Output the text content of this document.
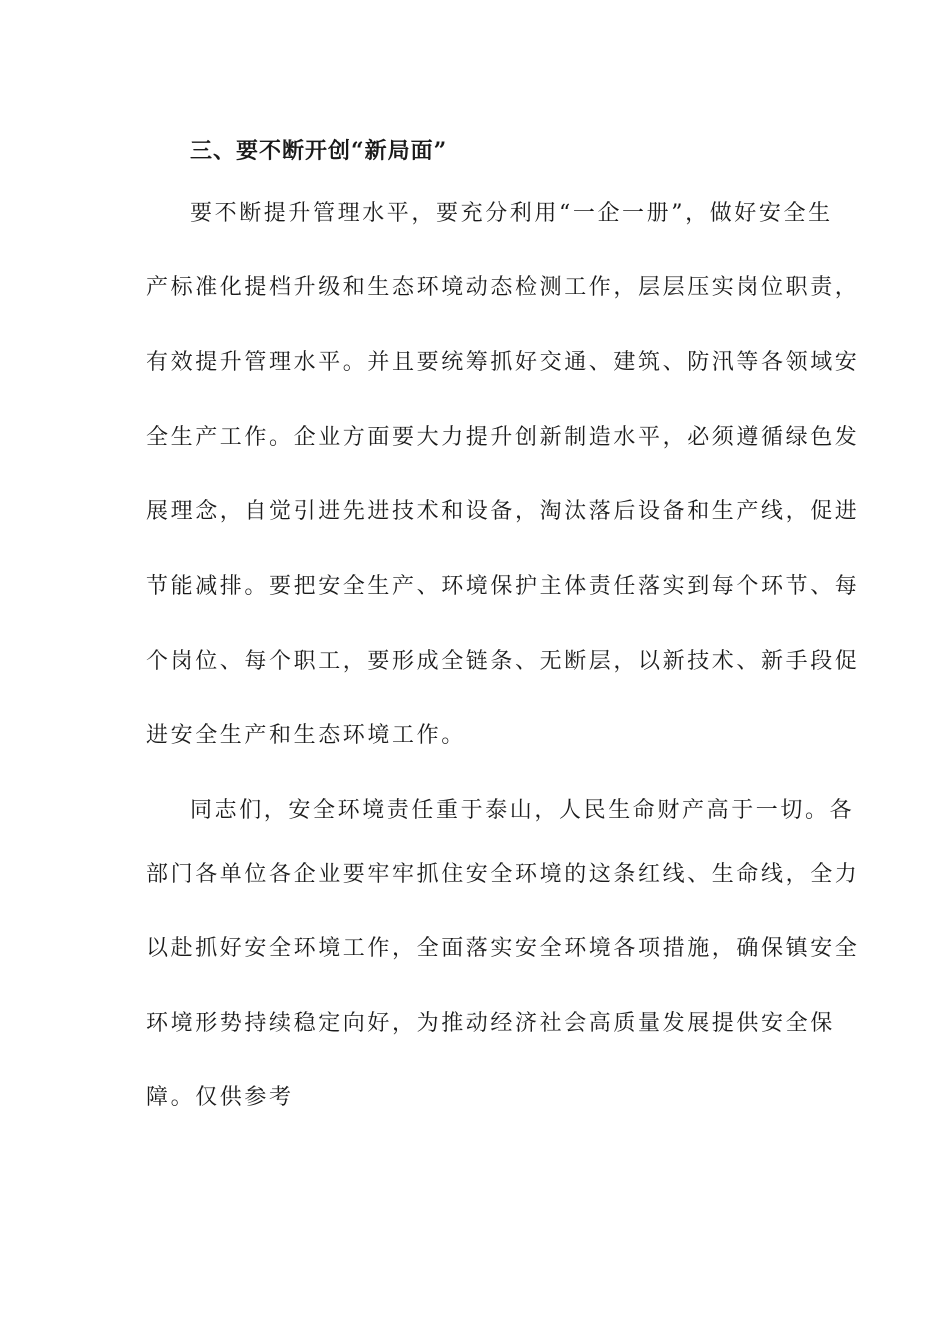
三、要不断开创“新局面”
要不断提升管理水平，要充分利用“一企一册”，做好安全生
产标准化提档升级和生态环境动态检测工作，层层压实岗位职责，
有效提升管理水平。并且要统筹抓好交通、建筑、防汛等各领域安
全生产工作。企业方面要大力提升创新制造水平，必须遵循绿色发
展理念，自觉引进先进技术和设备，淘汰落后设备和生产线，促进
节能减排。要把安全生产、环境保护主体责任落实到每个环节、每
个岗位、每个职工，要形成全链条、无断层，以新技术、新手段促
进安全生产和生态环境工作。
同志们，安全环境责任重于泰山，人民生命财产高于一切。各
部门各单位各企业要牢牢抓住安全环境的这条红线、生命线，全力
以赴抓好安全环境工作，全面落实安全环境各项措施，确保镇安全
环境形势持续稳定向好，为推动经济社会高质量发展提供安全保
障。仅供参考
